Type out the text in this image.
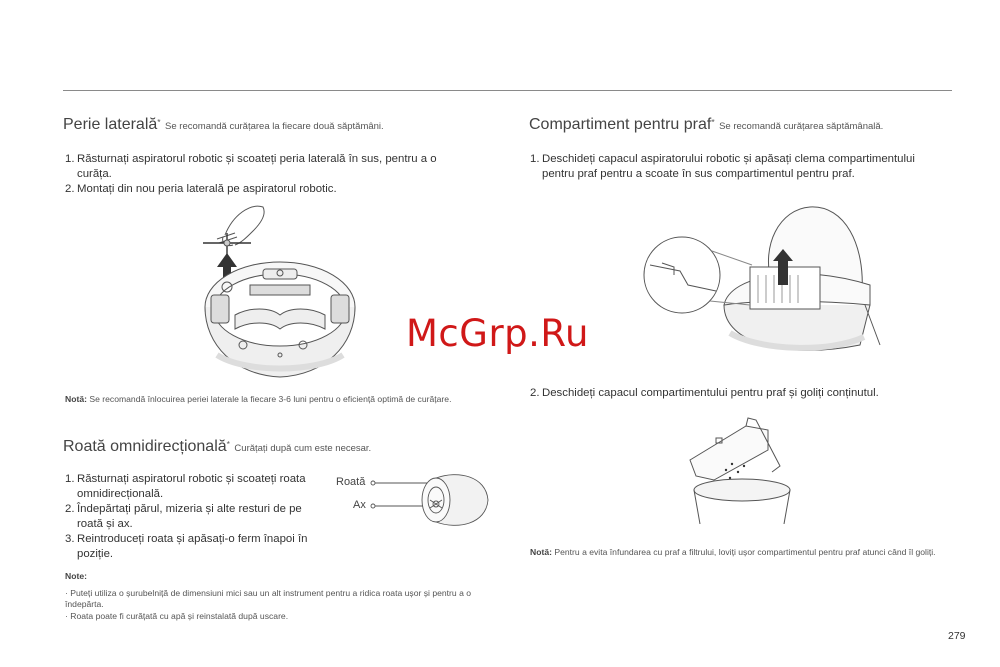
Perie laterală* Se recomandă curățarea la fiecare două săptămâni.
1. Răsturnați aspiratorul robotic și scoateți peria laterală în sus, pentru a o curăța.
2. Montați din nou peria laterală pe aspiratorul robotic.
Notă: Se recomandă înlocuirea periei laterale la fiecare 3-6 luni pentru o eficiență optimă de curățare.
Roată omnidirecțională* Curățați după cum este necesar.
1. Răsturnați aspiratorul robotic și scoateți roata omnidirecțională.
2. Îndepărtați părul, mizeria și alte resturi de pe roată și ax.
3. Reintroduceți roata și apăsați-o ferm înapoi în poziție.
Roată
Ax
Note:
· Puteți utiliza o șurubelniță de dimensiuni mici sau un alt instrument pentru a ridica roata ușor și pentru a o îndepărta.
· Roata poate fi curățată cu apă și reinstalată după uscare.
Compartiment pentru praf* Se recomandă curățarea săptămânală.
1. Deschideți capacul aspiratorului robotic și apăsați clema compartimentului pentru praf pentru a scoate în sus compartimentul pentru praf.
2. Deschideți capacul compartimentului pentru praf și goliți conținutul.
Notă: Pentru a evita înfundarea cu praf a filtrului, loviți ușor compartimentul pentru praf atunci când îl goliți.
McGrp.Ru
279
